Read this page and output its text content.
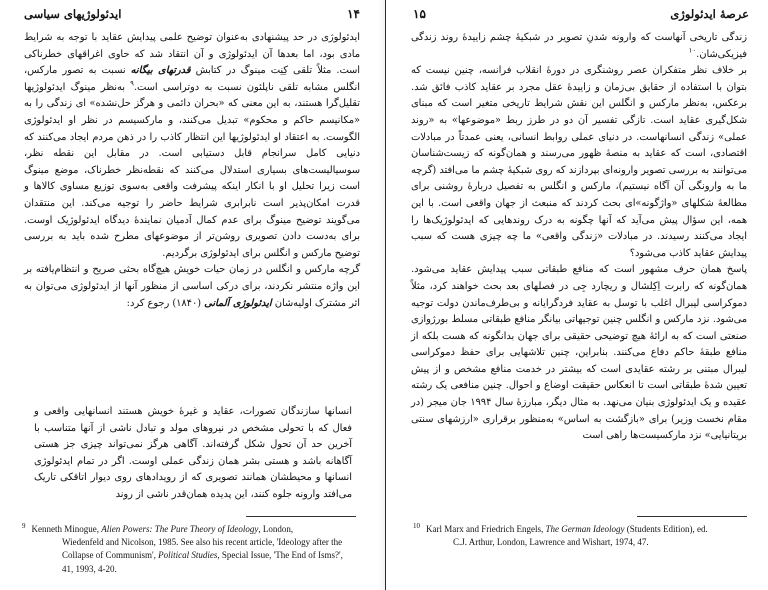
ایدئولوژیهای سیاسی	۱۴

ایدئولوژی در حد پیشنهادی به‌عنوان توضیح علمی پیدایش عقاید با توجه به شرایط مادی بود، اما بعدها آن ایدئولوژی و آن انتقاد شد که حاوی اغراقهای خطرناکی است. مثلاً تلقی کِنِت مینوگ در کتابش قدرتهای بیگانه نسبت به تصور مارکس، انگلس مشابه تلقی ناپلئون نسبت به دوتراسی است.$^۹$ به‌نظر مینوگ ایدئولوژیها تقلیل‌گرا هستند، به این معنی که «بحران دائمی و هرگز حل‌نشده» ای زندگی را به «مکانیسم حاکم و محکوم» تبدیل می‌کنند، و مارکسیسم در نظر او ایدئولوژی الگوست. به اعتقاد او ایدئولوژیها این انتظار کاذب را در ذهن مردم ایجاد می‌کنند که دنیایی کامل سرانجام قابل دستیابی است. در مقابل این نقطه نظر، سوسیالیست‌های بسیاری استدلال می‌کنند که نقطه‌نظر خطرناک، موضع مینوگ است زیرا تحلیل او با انکار اینکه پیشرفت واقعی به‌سوی توزیع مساوی کالاها و قدرت امکان‌پذیر است نابرابری شرایط حاضر را توجیه می‌کند. این منتقدان می‌گویند توضیح مینوگ برای عدم کمال آدمیان نمایندهٔ دیدگاه ایدئولوژیک اوست. برای به‌دست دادن تصویری روشن‌تر از موضوعهای مطرح شده باید به بررسی توضیح مارکس و انگلس برای ایدئولوژی برگردیم.

گرچه مارکس و انگلس در زمان حیات خویش هیچ‌گاه بحثی صریح و انتظام‌یافته بر این واژه منتشر نکردند، برای درکی اساسی از منظور آنها از ایدئولوژی می‌توان به اثر مشترک اولیه‌شان ایدئولوژی آلمانی (۱۸۴۰) رجوع کرد:

انسانها سازندگان تصورات، عقاید و غیرهٔ خویش هستند انسانهایی واقعی و فعال که با تحولی مشخص در نیروهای مولد و تبادل ناشی از آنها متناسب با آخرین حد آن تحول شکل گرفته‌اند. آگاهی هرگز نمی‌تواند چیزی جز هستی آگاهانه باشد و هستی بشر همان زندگی عملی اوست. اگر در تمام ایدئولوژی انسانها و محیطشان همانند تصویری که از رویدادهای روی دیوار اتاقکی تاریک می‌افتد وارونه جلوه کنند، این پدیده همان‌قدر ناشی از روند

$^9$ Kenneth Minogue, Alien Powers: The Pure Theory of Ideology, London,
Wiedenfeld and Nicolson, 1985. See also his recent article, 'Ideology after the
Collapse of Communism', Political Studies, Special Issue, 'The End of Isms?',
41, 1993, 4-20.
۱۵	عرصهٔ ایدئولوژی

زندگی تاریخی آنهاست که وارونه شدنِ تصویر در شبکیهٔ چشم زاییدهٔ روند زندگی فیزیکی‌شان.$^{۱۰}$

بر خلاف نظر متفکران عصر روشنگری در دورهٔ انقلاب فرانسه، چنین نیست که بتوان با استفاده از حقایق بی‌زمان و زاییدهٔ عقل مجرد بر عقاید کاذب فائق شد. برعکس، به‌نظر مارکس و انگلس این نقش شرایط تاریخی متغیر است که مبنای شکل‌گیری عقاید است. تازگی تفسیر آن دو در طرز ربط «موضوعها» به «روند عملی» زندگی انسانهاست. در دنیای عملی روابط انسانی، یعنی عمدتاً در مبادلات اقتصادی، است که عقاید به منصهٔ ظهور می‌رسند و همان‌گونه که زیست‌شناسان می‌توانند به بررسی تصویر وارونه‌ای بپردازند که روی شبکیهٔ چشم ما می‌افتد (گرچه ما به وارونگی آن آگاه نیستیم)، مارکس و انگلس به تفصیل دربارهٔ روشنی برای مطالعهٔ شکلهای «واژگونه»ای بحث کردند که منبعث از جهان واقعی است. با این همه، این سؤال پیش می‌آید که آنها چگونه به درک روندهایی که ایدئولوژیک‌ها را ایجاد می‌کنند رسیدند. در مبادلات «زندگی واقعی» ما چه چیزی هست که سبب پیدایش عقاید کاذب می‌شود؟

پاسخ همان حرف مشهور است که منافع طبقاتی سبب پیدایش عقاید می‌شود. همان‌گونه که رابرت اِکِلشال و ریچارد جِی در فصلهای بعد بحث خواهند کرد، مثلاً دموکراسی لیبرال اغلب با توسل به عقاید فردگرایانه و بی‌طرف‌ماندن دولت توجیه می‌شود. نزد مارکس و انگلس چنین توجیهاتی بیانگر منافع طبقاتی مسلط بورژوازی صنعتی است که به ارائهٔ هیچ توضیحی حقیقی برای جهان بدانگونه که هست بلکه از منافع طبقهٔ حاکم دفاع می‌کنند. بنابراین، چنین تلاشهایی برای حفظ دموکراسی لیبرال مبتنی بر رشته عقایدی است که بیشتر در خدمت منافع مشخص و از پیش تعیین شدهٔ طبقاتی است تا انعکاس حقیقت اوضاع و احوال. چنین منافعی یک رشته عقیده و یک ایدئولوژی بنیان می‌نهد. به مثال دیگر، مبارزهٔ سال ۱۹۹۴ جان میجر (در مقام نخست وزیر) برای «بازگشت به اساس» به‌منظور برقراری «ارزشهای سنتی بریتانیایی» نزد مارکسیست‌ها راهی است

$^{10}$ Karl Marx and Friedrich Engels, The German Ideology (Students Edition), ed.
C.J. Arthur, London, Lawrence and Wishart, 1974, 47.
